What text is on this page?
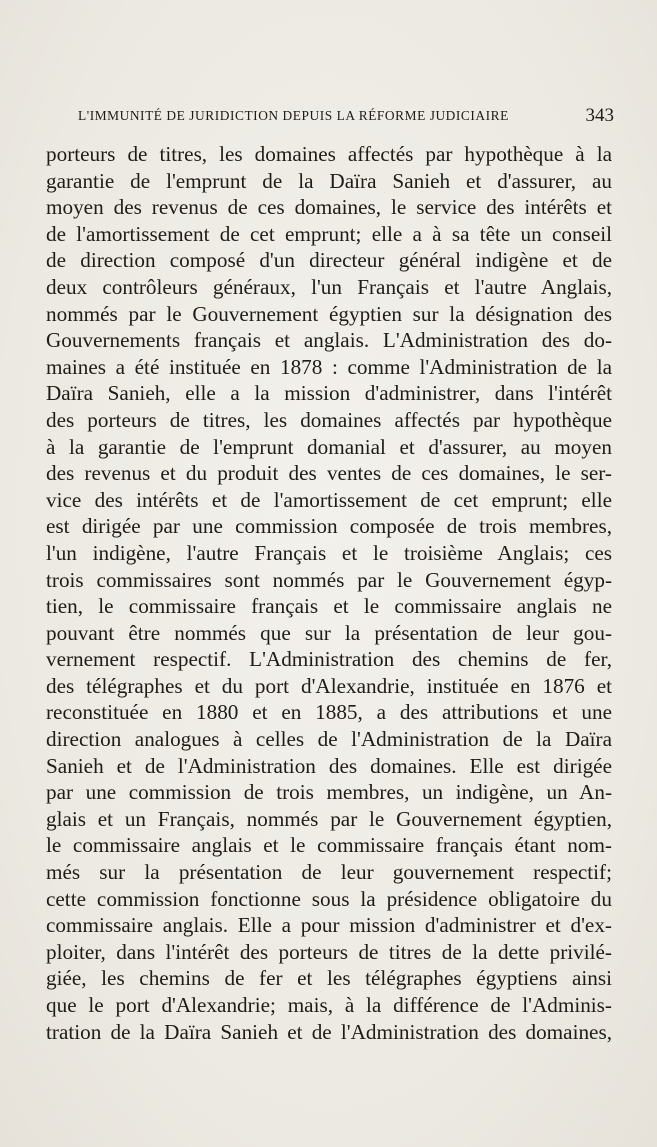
L'IMMUNITÉ DE JURIDICTION DEPUIS LA RÉFORME JUDICIAIRE	343
porteurs de titres, les domaines affectés par hypothèque à la
garantie de l'emprunt de la Daïra Sanieh et d'assurer, au
moyen des revenus de ces domaines, le service des intérêts et
de l'amortissement de cet emprunt; elle a à sa tête un conseil
de direction composé d'un directeur général indigène et de
deux contrôleurs généraux, l'un Français et l'autre Anglais,
nommés par le Gouvernement égyptien sur la désignation des
Gouvernements français et anglais. L'Administration des do-
maines a été instituée en 1878 : comme l'Administration de la
Daïra Sanieh, elle a la mission d'administrer, dans l'intérêt
des porteurs de titres, les domaines affectés par hypothèque
à la garantie de l'emprunt domanial et d'assurer, au moyen
des revenus et du produit des ventes de ces domaines, le ser-
vice des intérêts et de l'amortissement de cet emprunt; elle
est dirigée par une commission composée de trois membres,
l'un indigène, l'autre Français et le troisième Anglais; ces
trois commissaires sont nommés par le Gouvernement égyp-
tien, le commissaire français et le commissaire anglais ne
pouvant être nommés que sur la présentation de leur gou-
vernement respectif. L'Administration des chemins de fer,
des télégraphes et du port d'Alexandrie, instituée en 1876 et
reconstituée en 1880 et en 1885, a des attributions et une
direction analogues à celles de l'Administration de la Daïra
Sanieh et de l'Administration des domaines. Elle est dirigée
par une commission de trois membres, un indigène, un An-
glais et un Français, nommés par le Gouvernement égyptien,
le commissaire anglais et le commissaire français étant nom-
més sur la présentation de leur gouvernement respectif;
cette commission fonctionne sous la présidence obligatoire du
commissaire anglais. Elle a pour mission d'administrer et d'ex-
ploiter, dans l'intérêt des porteurs de titres de la dette privilé-
giée, les chemins de fer et les télégraphes égyptiens ainsi
que le port d'Alexandrie; mais, à la différence de l'Adminis-
tration de la Daïra Sanieh et de l'Administration des domaines,
